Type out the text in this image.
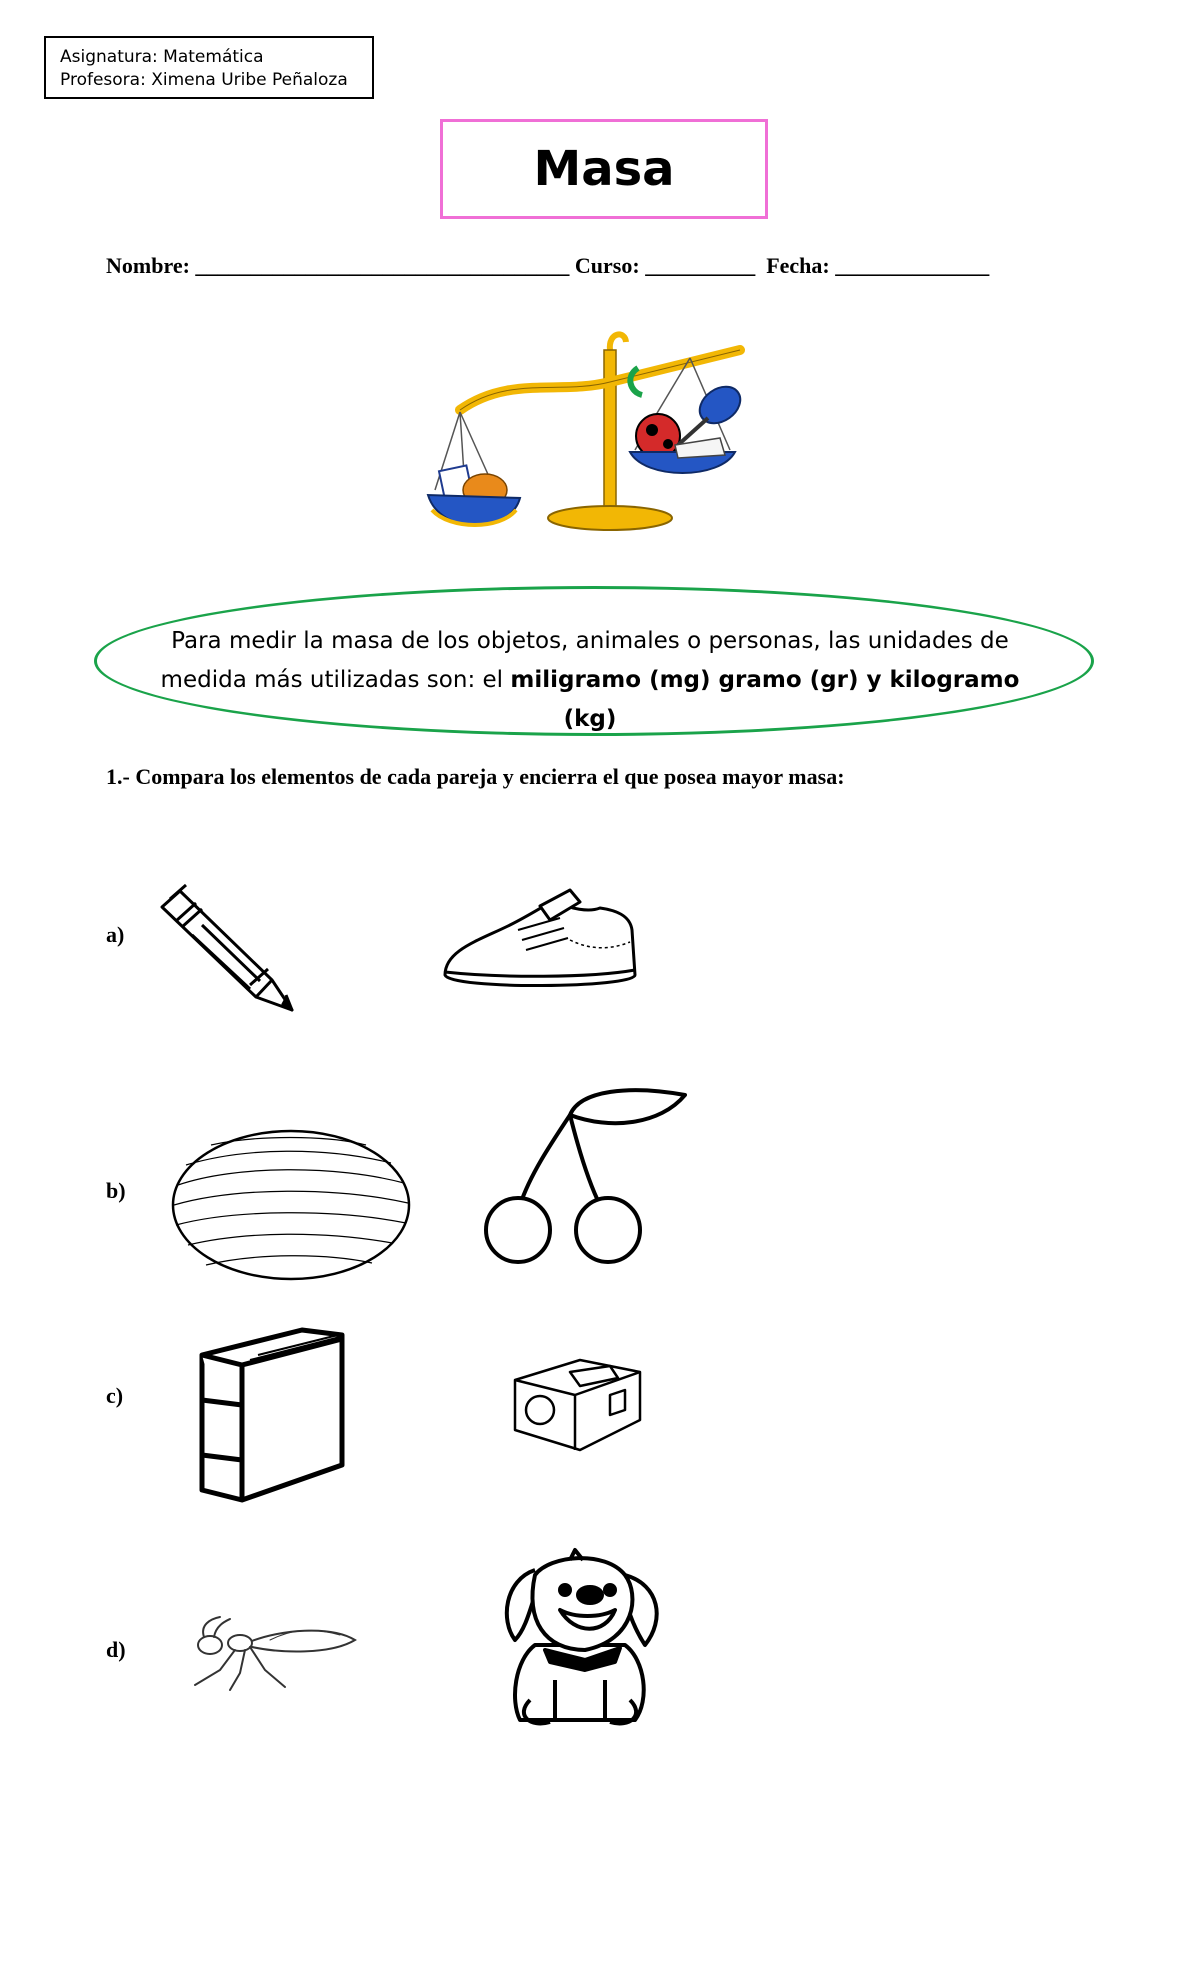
Asignatura: Matemática
Profesora: Ximena Uribe Peñaloza
Masa
Nombre: __________________________________ Curso: __________ Fecha: ______________
Para medir la masa de los objetos, animales o personas, las unidades de medida más utilizadas son: el miligramo (mg) gramo (gr) y kilogramo (kg)
1.- Compara los elementos de cada pareja y encierra el que posea mayor masa:
a)
b)
c)
d)
